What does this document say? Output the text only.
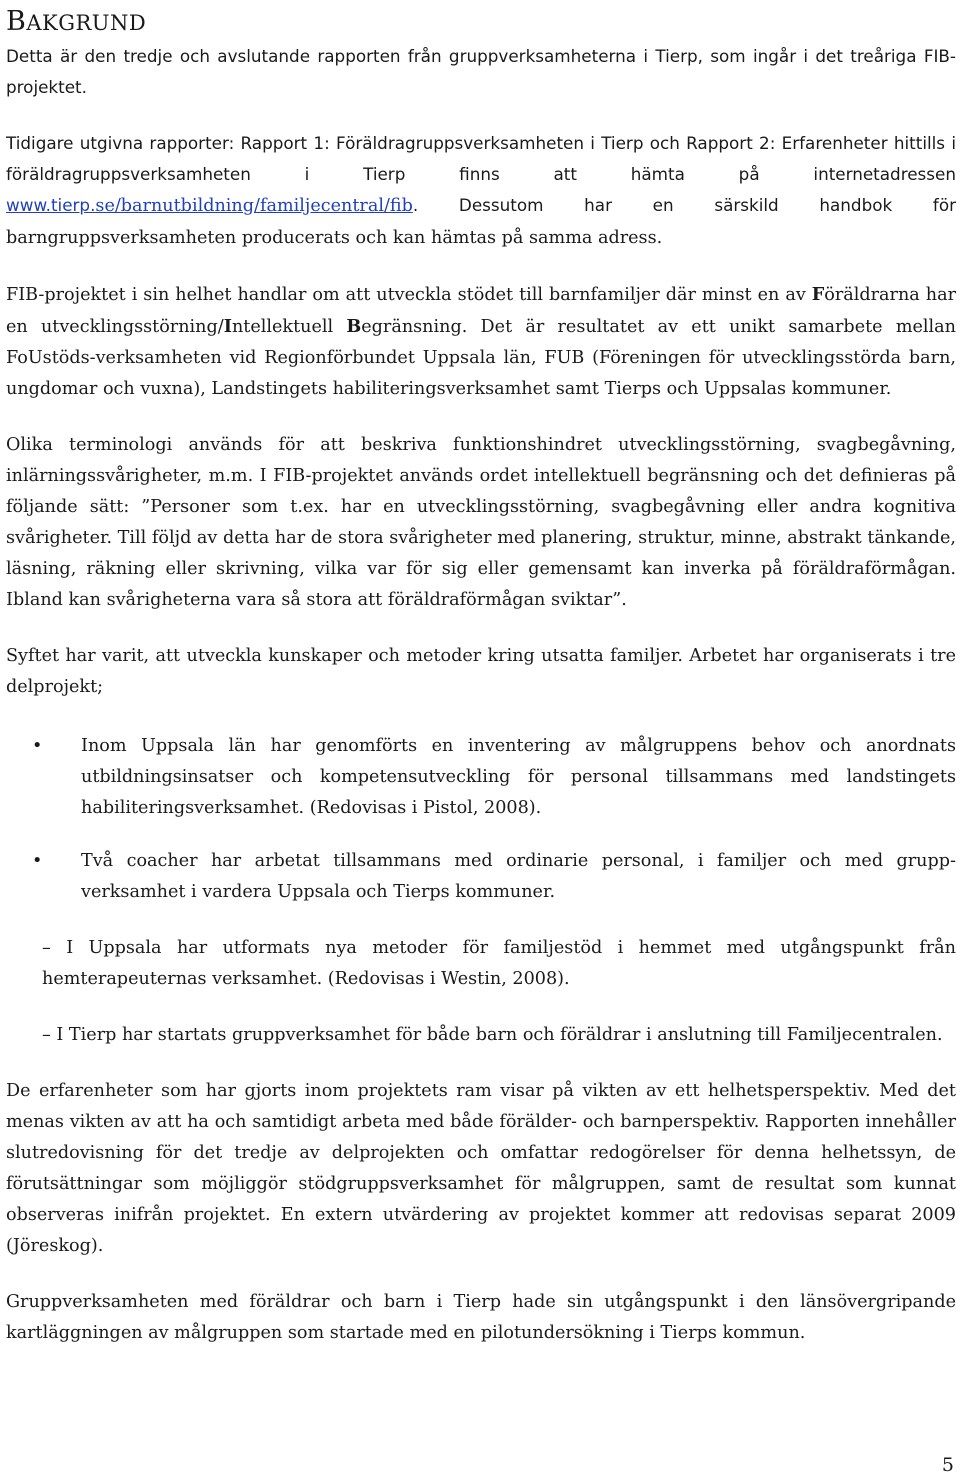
BAKGRUND

Detta är den tredje och avslutande rapporten från gruppverksamheterna i Tierp, som ingår i det treåriga FIB-projektet.

Tidigare utgivna rapporter: Rapport 1: Föräldragruppsverksamheten i Tierp och Rapport 2: Erfarenheter hittills i föräldragruppsverksamheten i Tierp finns att hämta på internetadressen www.tierp.se/barnutbildning/familjecentral/fib. Dessutom har en särskild handbok för barngruppsverksamheten producerats och kan hämtas på samma adress.

FIB-projektet i sin helhet handlar om att utveckla stödet till barnfamiljer där minst en av Föräldrarna har en utvecklingsstörning/Intellektuell Begränsning. Det är resultatet av ett unikt samarbete mellan FoUstöds-verksamheten vid Regionförbundet Uppsala län, FUB (Föreningen för utvecklingsstörda barn, ungdomar och vuxna), Landstingets habiliteringsverksamhet samt Tierps och Uppsalas kommuner.

Olika terminologi används för att beskriva funktionshindret utvecklingsstörning, svagbegåvning, inlärningssvårigheter, m.m. I FIB-projektet används ordet intellektuell begränsning och det definieras på följande sätt: ”Personer som t.ex. har en utvecklingsstörning, svagbegåvning eller andra kognitiva svårigheter. Till följd av detta har de stora svårigheter med planering, struktur, minne, abstrakt tänkande, läsning, räkning eller skrivning, vilka var för sig eller gemensamt kan inverka på föräldraförmågan. Ibland kan svårigheterna vara så stora att föräldraförmågan sviktar”.

Syftet har varit, att utveckla kunskaper och metoder kring utsatta familjer. Arbetet har organiserats i tre delprojekt;

• Inom Uppsala län har genomförts en inventering av målgruppens behov och anordnats utbildningsinsatser och kompetensutveckling för personal tillsammans med landstingets habiliteringsverksamhet. (Redovisas i Pistol, 2008).
• Två coacher har arbetat tillsammans med ordinarie personal, i familjer och med gruppverksamhet i vardera Uppsala och Tierps kommuner.

– I Uppsala har utformats nya metoder för familjestöd i hemmet med utgångspunkt från hemterapeuternas verksamhet. (Redovisas i Westin, 2008).

– I Tierp har startats gruppverksamhet för både barn och föräldrar i anslutning till Familjecentralen.

De erfarenheter som har gjorts inom projektets ram visar på vikten av ett helhetsperspektiv. Med det menas vikten av att ha och samtidigt arbeta med både förälder- och barnperspektiv. Rapporten innehåller slutredovisning för det tredje av delprojekten och omfattar redogörelser för denna helhetssyn, de förutsättningar som möjliggör stödgruppsverksamhet för målgruppen, samt de resultat som kunnat observeras inifrån projektet. En extern utvärdering av projektet kommer att redovisas separat 2009 (Jöreskog).

Gruppverksamheten med föräldrar och barn i Tierp hade sin utgångspunkt i den länsövergripande kartläggningen av målgruppen som startade med en pilotundersökning i Tierps kommun.

5
